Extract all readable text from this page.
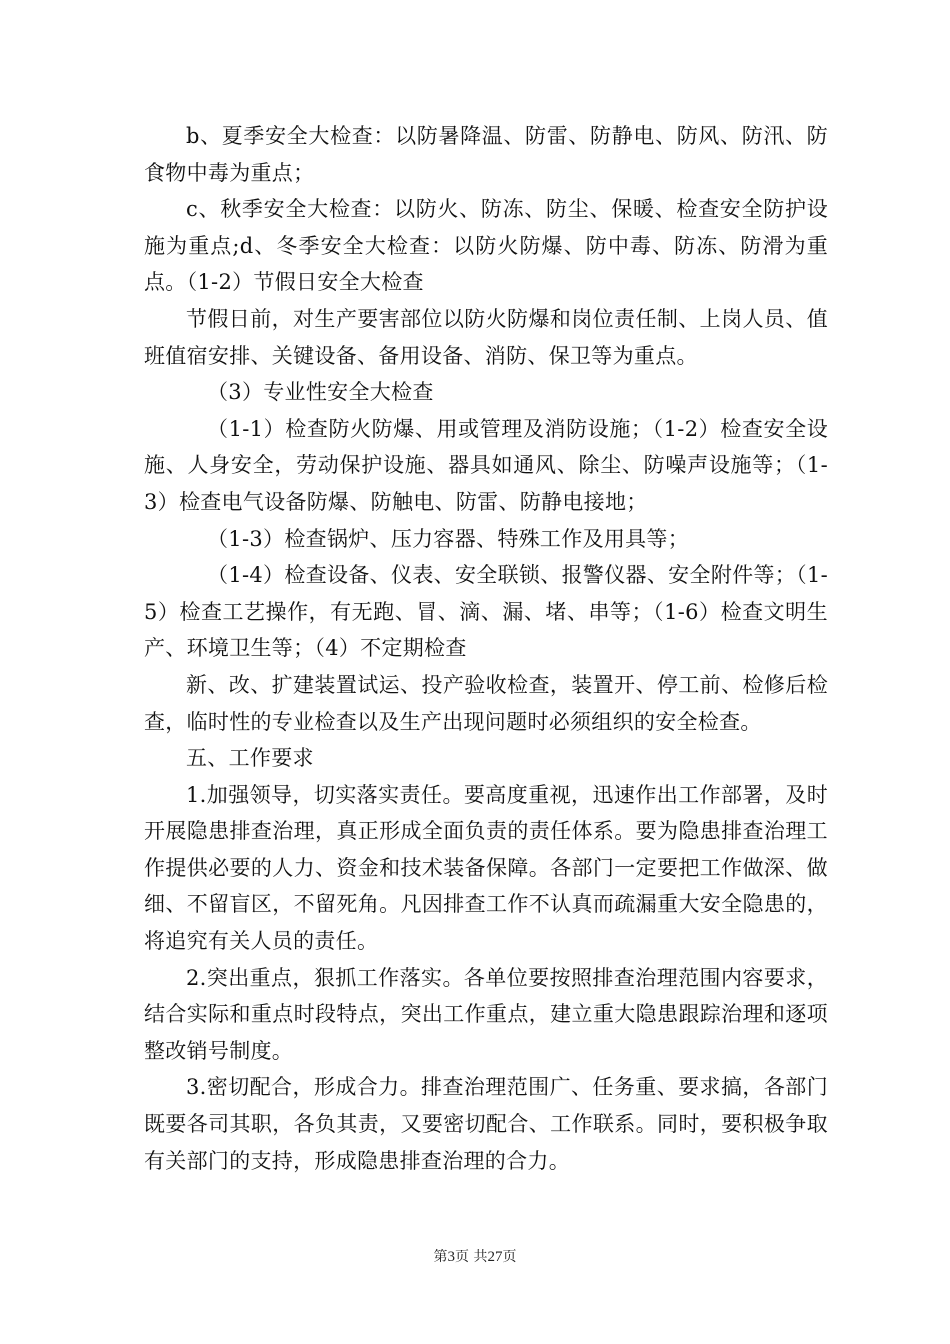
b、夏季安全大检查：以防暑降温、防雷、防静电、防风、防汛、防食物中毒为重点；

c、秋季安全大检查：以防火、防冻、防尘、保暖、检查安全防护设施为重点;d、冬季安全大检查：以防火防爆、防中毒、防冻、防滑为重点。（1-2）节假日安全大检查

节假日前，对生产要害部位以防火防爆和岗位责任制、上岗人员、值班值宿安排、关键设备、备用设备、消防、保卫等为重点。

（3）专业性安全大检查

（1-1）检查防火防爆、用或管理及消防设施；（1-2）检查安全设施、人身安全，劳动保护设施、器具如通风、除尘、防噪声设施等；（1-3）检查电气设备防爆、防触电、防雷、防静电接地；

（1-3）检查锅炉、压力容器、特殊工作及用具等；

（1-4）检查设备、仪表、安全联锁、报警仪器、安全附件等；（1-5）检查工艺操作，有无跑、冒、滴、漏、堵、串等；（1-6）检查文明生产、环境卫生等；（4）不定期检查

新、改、扩建装置试运、投产验收检查，装置开、停工前、检修后检查，临时性的专业检查以及生产出现问题时必须组织的安全检查。

五、工作要求

1.加强领导，切实落实责任。要高度重视，迅速作出工作部署，及时开展隐患排查治理，真正形成全面负责的责任体系。要为隐患排查治理工作提供必要的人力、资金和技术装备保障。各部门一定要把工作做深、做细、不留盲区，不留死角。凡因排查工作不认真而疏漏重大安全隐患的，将追究有关人员的责任。

2.突出重点，狠抓工作落实。各单位要按照排查治理范围内容要求，结合实际和重点时段特点，突出工作重点，建立重大隐患跟踪治理和逐项整改销号制度。

3.密切配合，形成合力。排查治理范围广、任务重、要求搞，各部门既要各司其职，各负其责，又要密切配合、工作联系。同时，要积极争取有关部门的支持，形成隐患排查治理的合力。

第3页 共27页
